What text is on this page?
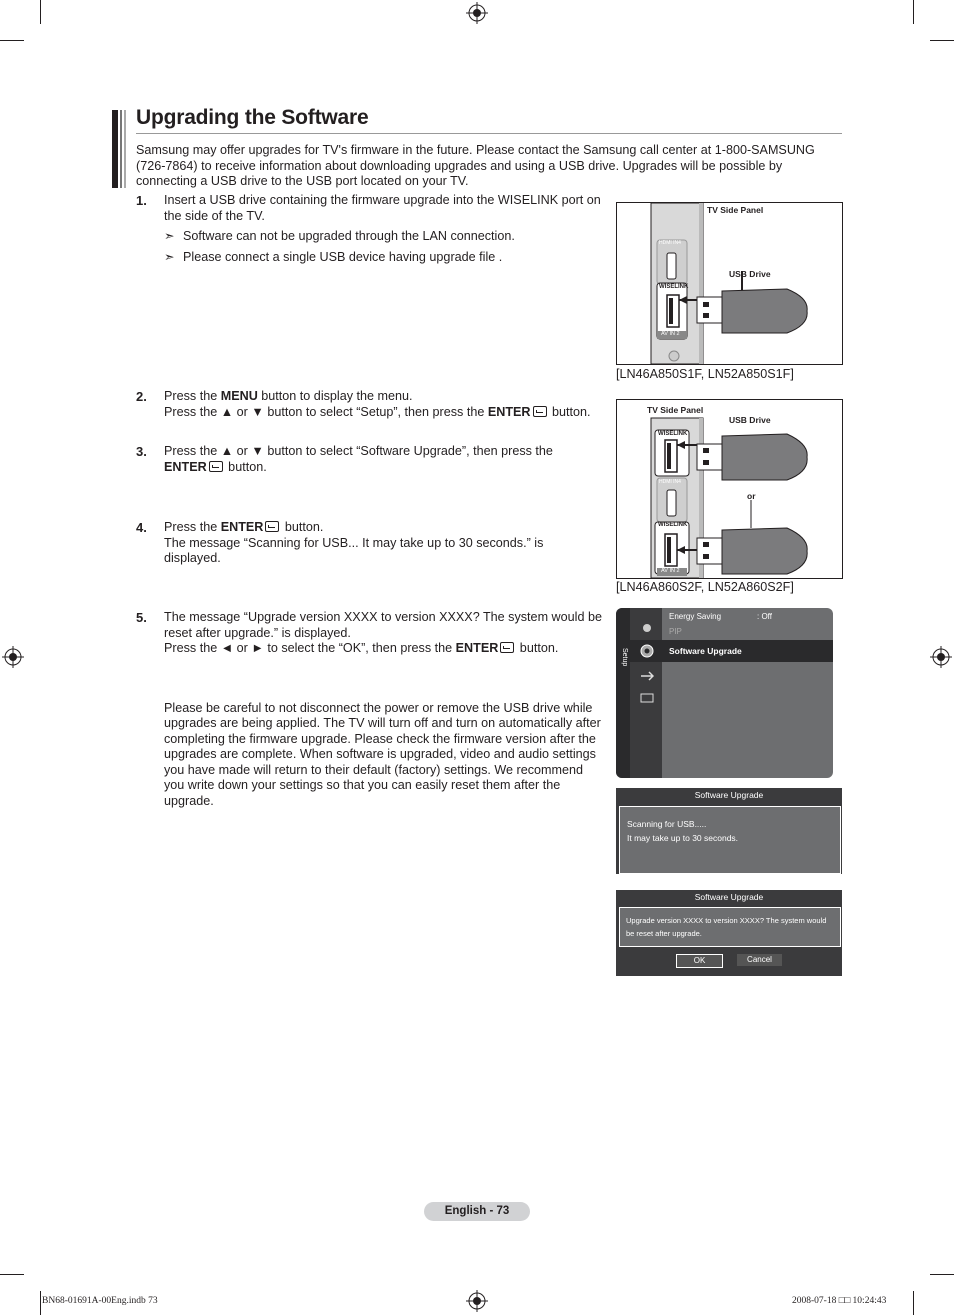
Upgrading the Software
Samsung may offer upgrades for TV's firmware in the future. Please contact the Samsung call center at 1-800-SAMSUNG (726-7864) to receive information about downloading upgrades and using a USB drive. Upgrades will be possible by connecting a USB drive to the USB port located on your TV.
1. Insert a USB drive containing the firmware upgrade into the WISELINK port on the side of the TV.
➣ Software can not be upgraded through the LAN connection.
➣ Please connect a single USB device having upgrade file .
2. Press the MENU button to display the menu.
Press the ▲ or ▼ button to select “Setup”, then press the ENTER button.
3. Press the ▲ or ▼ button to select “Software Upgrade”, then press the ENTER button.
4. Press the ENTER button.
The message “Scanning for USB... It may take up to 30 seconds.” is displayed.
5. The message “Upgrade version XXXX to version XXXX? The system would be reset after upgrade.” is displayed.
Press the ◄ or ► to select the “OK”, then press the ENTER button.
Please be careful to not disconnect the power or remove the USB drive while upgrades are being applied. The TV will turn off and turn on automatically after completing the firmware upgrade. Please check the firmware version after the upgrades are complete. When software is upgraded, video and audio settings you have made will return to their default (factory) settings. We recommend you write down your settings so that you can easily reset them after the upgrade.
TV Side Panel
USB Drive
HDMI IN4
WISELINK
AV IN 2
[LN46A850S1F, LN52A850S1F]
TV Side Panel
USB Drive
WISELINK
HDMI IN4
WISELINK
AV IN 2
or
[LN46A860S2F, LN52A860S2F]
Setup
Energy Saving	: Off
PIP
Software Upgrade
Software Upgrade
Scanning for USB.....
It may take up to 30 seconds.
Software Upgrade
Upgrade version XXXX to version XXXX? The system would be reset after upgrade.
OK	Cancel
English - 73
BN68-01691A-00Eng.indb 73	2008-07-18 □□ 10:24:43
